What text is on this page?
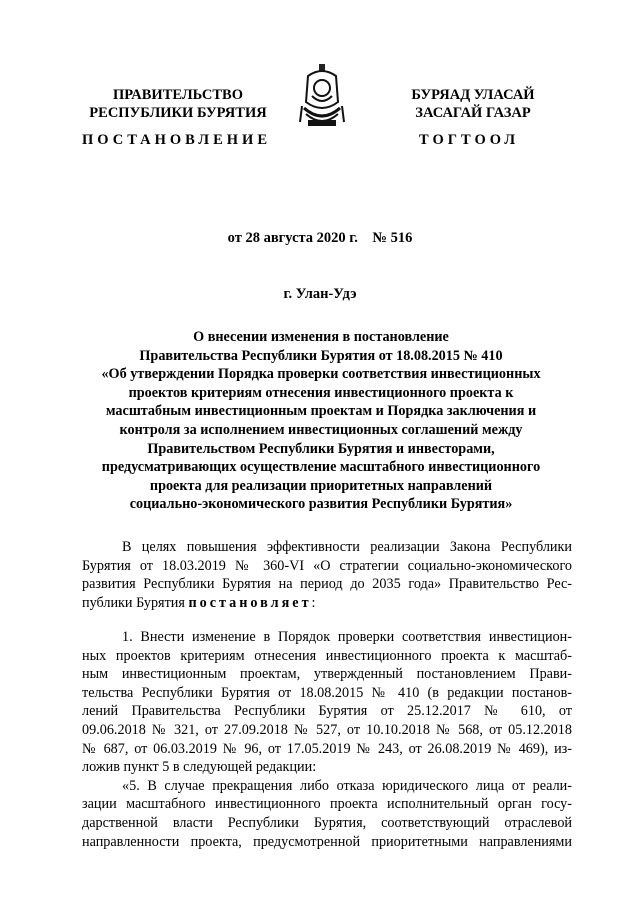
ПРАВИТЕЛЬСТВО
РЕСПУБЛИКИ БУРЯТИЯ
БУРЯАД УЛАСАЙ
ЗАСАГАЙ ГАЗАР
ПОСТАНОВЛЕНИЕ	ТОГТООЛ
от 28 августа 2020 г.    № 516
г. Улан-Удэ
О внесении изменения в постановление
Правительства Республики Бурятия от 18.08.2015 № 410
«Об утверждении Порядка проверки соответствия инвестиционных
проектов критериям отнесения инвестиционного проекта к
масштабным инвестиционным проектам и Порядка заключения и
контроля за исполнением инвестиционных соглашений между
Правительством Республики Бурятия и инвесторами,
предусматривающих осуществление масштабного инвестиционного
проекта для реализации приоритетных направлений
социально-экономического развития Республики Бурятия»
В целях повышения эффективности реализации Закона Республики
Бурятия от 18.03.2019 № 360-VI «О стратегии социально-экономического
развития Республики Бурятия на период до 2035 года» Правительство Рес-
публики Бурятия постановляет:
1. Внести изменение в Порядок проверки соответствия инвестицион-
ных проектов критериям отнесения инвестиционного проекта к масштаб-
ным инвестиционным проектам, утвержденный постановлением Прави-
тельства Республики Бурятия от 18.08.2015 № 410 (в редакции постанов-
лений Правительства Республики Бурятия от 25.12.2017 № 610, от
09.06.2018 № 321, от 27.09.2018 № 527, от 10.10.2018 № 568, от 05.12.2018
№ 687, от 06.03.2019 № 96, от 17.05.2019 № 243, от 26.08.2019 № 469), из-
ложив пункт 5 в следующей редакции:
«5. В случае прекращения либо отказа юридического лица от реали-
зации масштабного инвестиционного проекта исполнительный орган госу-
дарственной власти Республики Бурятия, соответствующий отраслевой
направленности проекта, предусмотренной приоритетными направлениями
